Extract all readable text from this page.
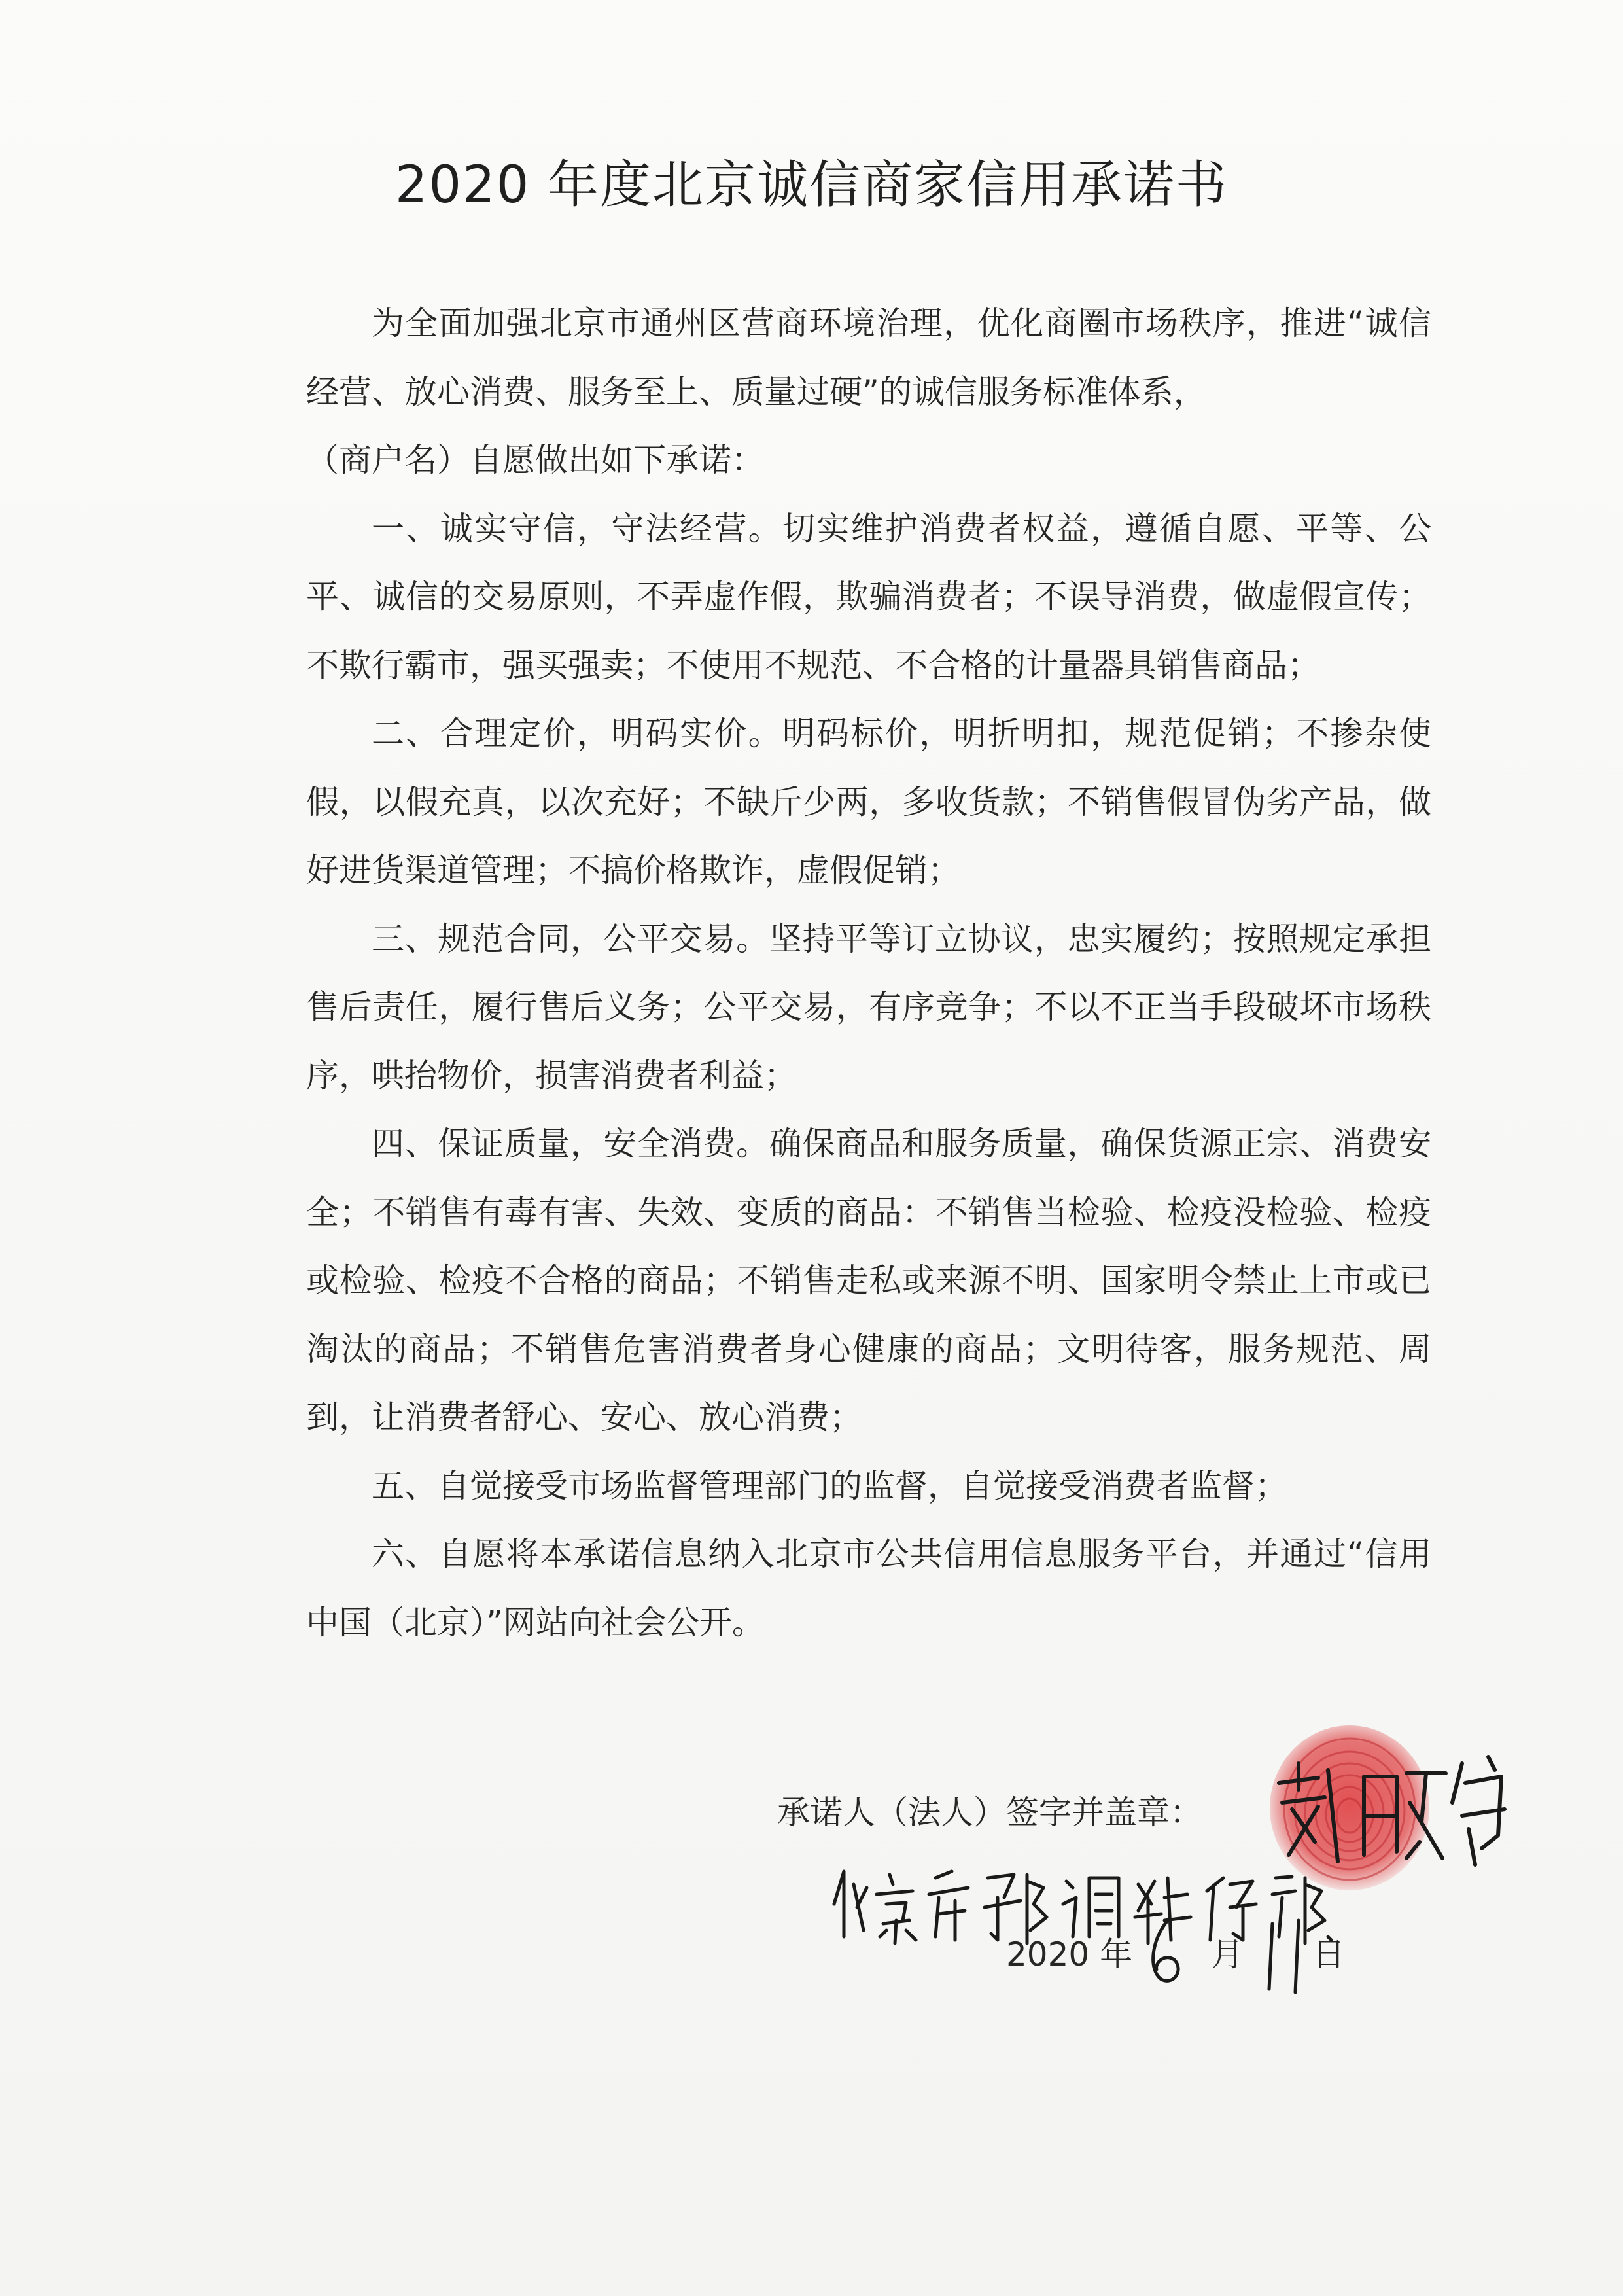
2020 年度北京诚信商家信用承诺书

为全面加强北京市通州区营商环境治理，优化商圈市场秩序，推进“诚信经营、放心消费、服务至上、质量过硬”的诚信服务标准体系，

（商户名）自愿做出如下承诺：

一、诚实守信，守法经营。切实维护消费者权益，遵循自愿、平等、公平、诚信的交易原则，不弄虚作假，欺骗消费者；不误导消费，做虚假宣传；不欺行霸市，强买强卖；不使用不规范、不合格的计量器具销售商品；

二、合理定价，明码实价。明码标价，明折明扣，规范促销；不掺杂使假，以假充真，以次充好；不缺斤少两，多收货款；不销售假冒伪劣产品，做好进货渠道管理；不搞价格欺诈，虚假促销；

三、规范合同，公平交易。坚持平等订立协议，忠实履约；按照规定承担售后责任，履行售后义务；公平交易，有序竞争；不以不正当手段破坏市场秩序，哄抬物价，损害消费者利益；

四、保证质量，安全消费。确保商品和服务质量，确保货源正宗、消费安全；不销售有毒有害、失效、变质的商品：不销售当检验、检疫没检验、检疫或检验、检疫不合格的商品；不销售走私或来源不明、国家明令禁止上市或已淘汰的商品；不销售危害消费者身心健康的商品；文明待客，服务规范、周到，让消费者舒心、安心、放心消费；

五、自觉接受市场监督管理部门的监督，自觉接受消费者监督；

六、自愿将本承诺信息纳入北京市公共信用信息服务平台，并通过“信用中国（北京）”网站向社会公开。

承诺人（法人）签字并盖章：
2020 年 月 日
